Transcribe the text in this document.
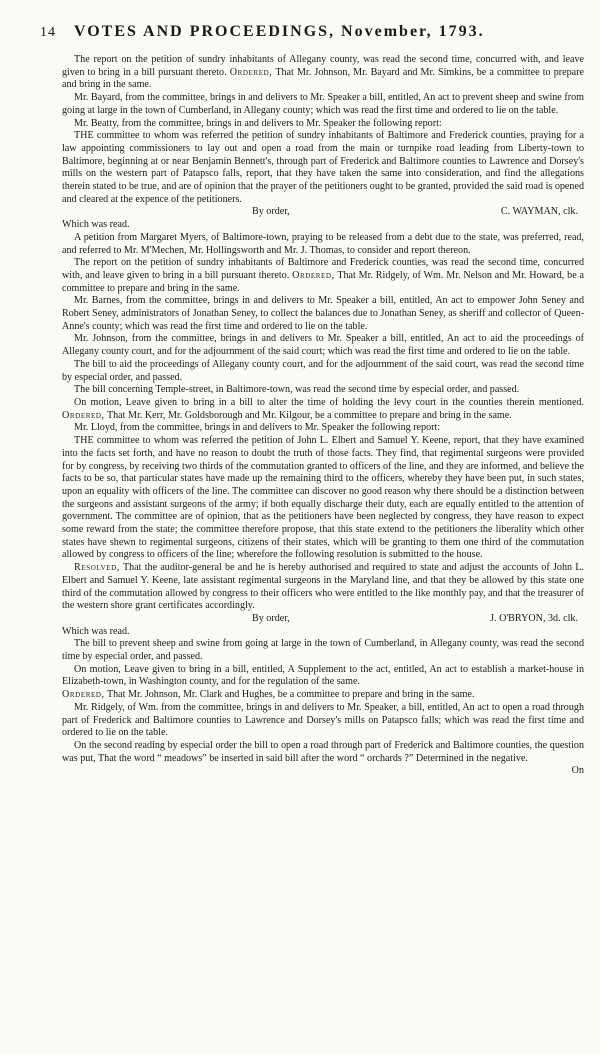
14 VOTES AND PROCEEDINGS, November, 1793.

The report on the petition of sundry inhabitants of Allegany county, was read the second time, concurred with, and leave given to bring in a bill pursuant thereto. Ordered, That Mr. Johnson, Mr. Bayard and Mr. Simkins, be a committee to prepare and bring in the same.

Mr. Bayard, from the committee, brings in and delivers to Mr. Speaker a bill, entitled, An act to prevent sheep and swine from going at large in the town of Cumberland, in Allegany county; which was read the first time and ordered to lie on the table.

Mr. Beatty, from the committee, brings in and delivers to Mr. Speaker the following report:

THE committee to whom was referred the petition of sundry inhabitants of Baltimore and Frederick counties, praying for a law appointing commissioners to lay out and open a road from the main or turnpike road leading from Liberty-town to Baltimore, beginning at or near Benjamin Bennett's, through part of Frederick and Baltimore counties to Lawrence and Dorsey's mills on the western part of Patapsco falls, report, that they have taken the same into consideration, and find the allegations therein stated to be true, and are of opinion that the prayer of the petitioners ought to be granted, provided the said road is opened and cleared at the expence of the petitioners.

By order,	C. WAYMAN, clk.

Which was read.

A petition from Margaret Myers, of Baltimore-town, praying to be released from a debt due to the state, was preferred, read, and referred to Mr. M'Mechen, Mr. Hollingsworth and Mr. J. Thomas, to consider and report thereon.

The report on the petition of sundry inhabitants of Baltimore and Frederick counties, was read the second time, concurred with, and leave given to bring in a bill pursuant thereto. Ordered, That Mr. Ridgely, of Wm. Mr. Nelson and Mr. Howard, be a committee to prepare and bring in the same.

Mr. Barnes, from the committee, brings in and delivers to Mr. Speaker a bill, entitled, An act to empower John Seney and Robert Seney, administrators of Jonathan Seney, to collect the balances due to Jonathan Seney, as sheriff and collector of Queen-Anne's county; which was read the first time and ordered to lie on the table.

Mr. Johnson, from the committee, brings in and delivers to Mr. Speaker a bill, entitled, An act to aid the proceedings of Allegany county court, and for the adjournment of the said court; which was read the first time and ordered to lie on the table.

The bill to aid the proceedings of Allegany county court, and for the adjournment of the said court, was read the second time by especial order, and passed.

The bill concerning Temple-street, in Baltimore-town, was read the second time by especial order, and passed.

On motion, Leave given to bring in a bill to alter the time of holding the levy court in the counties therein mentioned. Ordered, That Mr. Kerr, Mr. Goldsborough and Mr. Kilgour, be a committee to prepare and bring in the same.

Mr. Lloyd, from the committee, brings in and delivers to Mr. Speaker the following report:

THE committee to whom was referred the petition of John L. Elbert and Samuel Y. Keene, report, that they have examined into the facts set forth, and have no reason to doubt the truth of those facts. They find, that regimental surgeons were provided for by congress, by receiving two thirds of the commutation granted to officers of the line, and they are informed, and believe the facts to be so, that particular states have made up the remaining third to the officers, whereby they have been put, in such states, upon an equality with officers of the line. The committee can discover no good reason why there should be a distinction between the surgeons and assistant surgeons of the army; if both equally discharge their duty, each are equally entitled to the attention of government. The committee are of opinion, that as the petitioners have been neglected by congress, they have reason to expect some reward from the state; the committee therefore propose, that this state extend to the petitioners the liberality which other states have shewn to regimental surgeons, citizens of their states, which will be granting to them one third of the commutation allowed by congress to officers of the line; wherefore the following resolution is submitted to the house.

Resolved, That the auditor-general be and he is hereby authorised and required to state and adjust the accounts of John L. Elbert and Samuel Y. Keene, late assistant regimental surgeons in the Maryland line, and that they be allowed by this state one third of the commutation allowed by congress to their officers who were entitled to the like monthly pay, and that the treasurer of the western shore grant certificates accordingly.

By order,	J. O'BRYON, 3d. clk.

Which was read.

The bill to prevent sheep and swine from going at large in the town of Cumberland, in Allegany county, was read the second time by especial order, and passed.

On motion, Leave given to bring in a bill, entitled, A Supplement to the act, entitled, An act to establish a market-house in Elizabeth-town, in Washington county, and for the regulation of the same.

Ordered, That Mr. Johnson, Mr. Clark and Hughes, be a committee to prepare and bring in the same.

Mr. Ridgely, of Wm. from the committee, brings in and delivers to Mr. Speaker, a bill, entitled, An act to open a road through part of Frederick and Baltimore counties to Lawrence and Dorsey's mills on Patapsco falls; which was read the first time and ordered to lie on the table.

On the second reading by especial order the bill to open a road through part of Frederick and Baltimore counties, the question was put, That the word “ meadows” be inserted in said bill after the word “ orchards ?” Determined in the negative.

On
